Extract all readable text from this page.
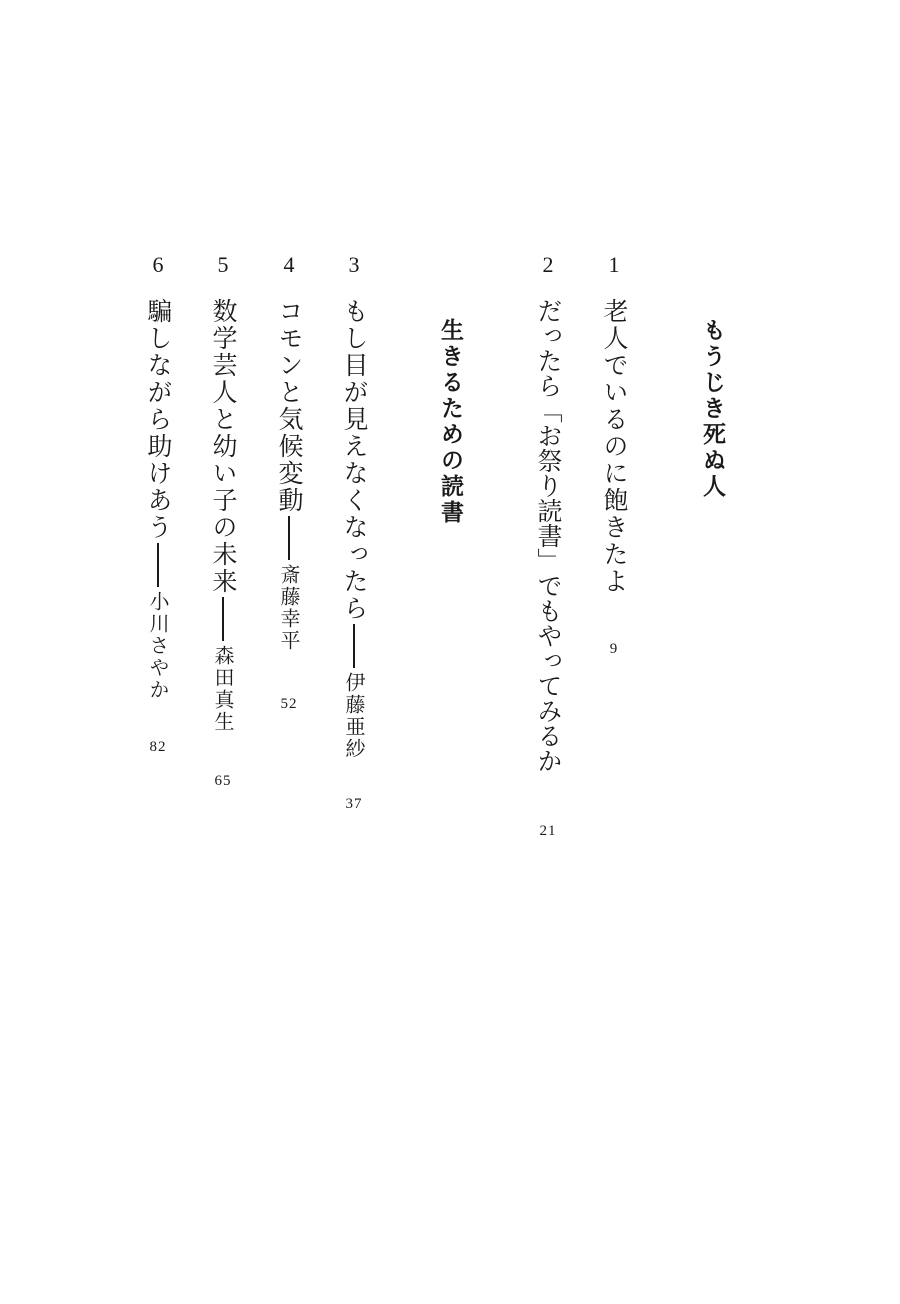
もうじき死ぬ人
生きるための読書
1
老人でいるのに飽きたよ
9
2
だったら「お祭り読書」でもやってみるか
21
3
もし目が見えなくなったら
伊藤亜紗
37
4
コモンと気候変動
斎藤幸平
52
5
数学芸人と幼い子の未来
森田真生
65
6
騙しながら助けあう
小川さやか
82
